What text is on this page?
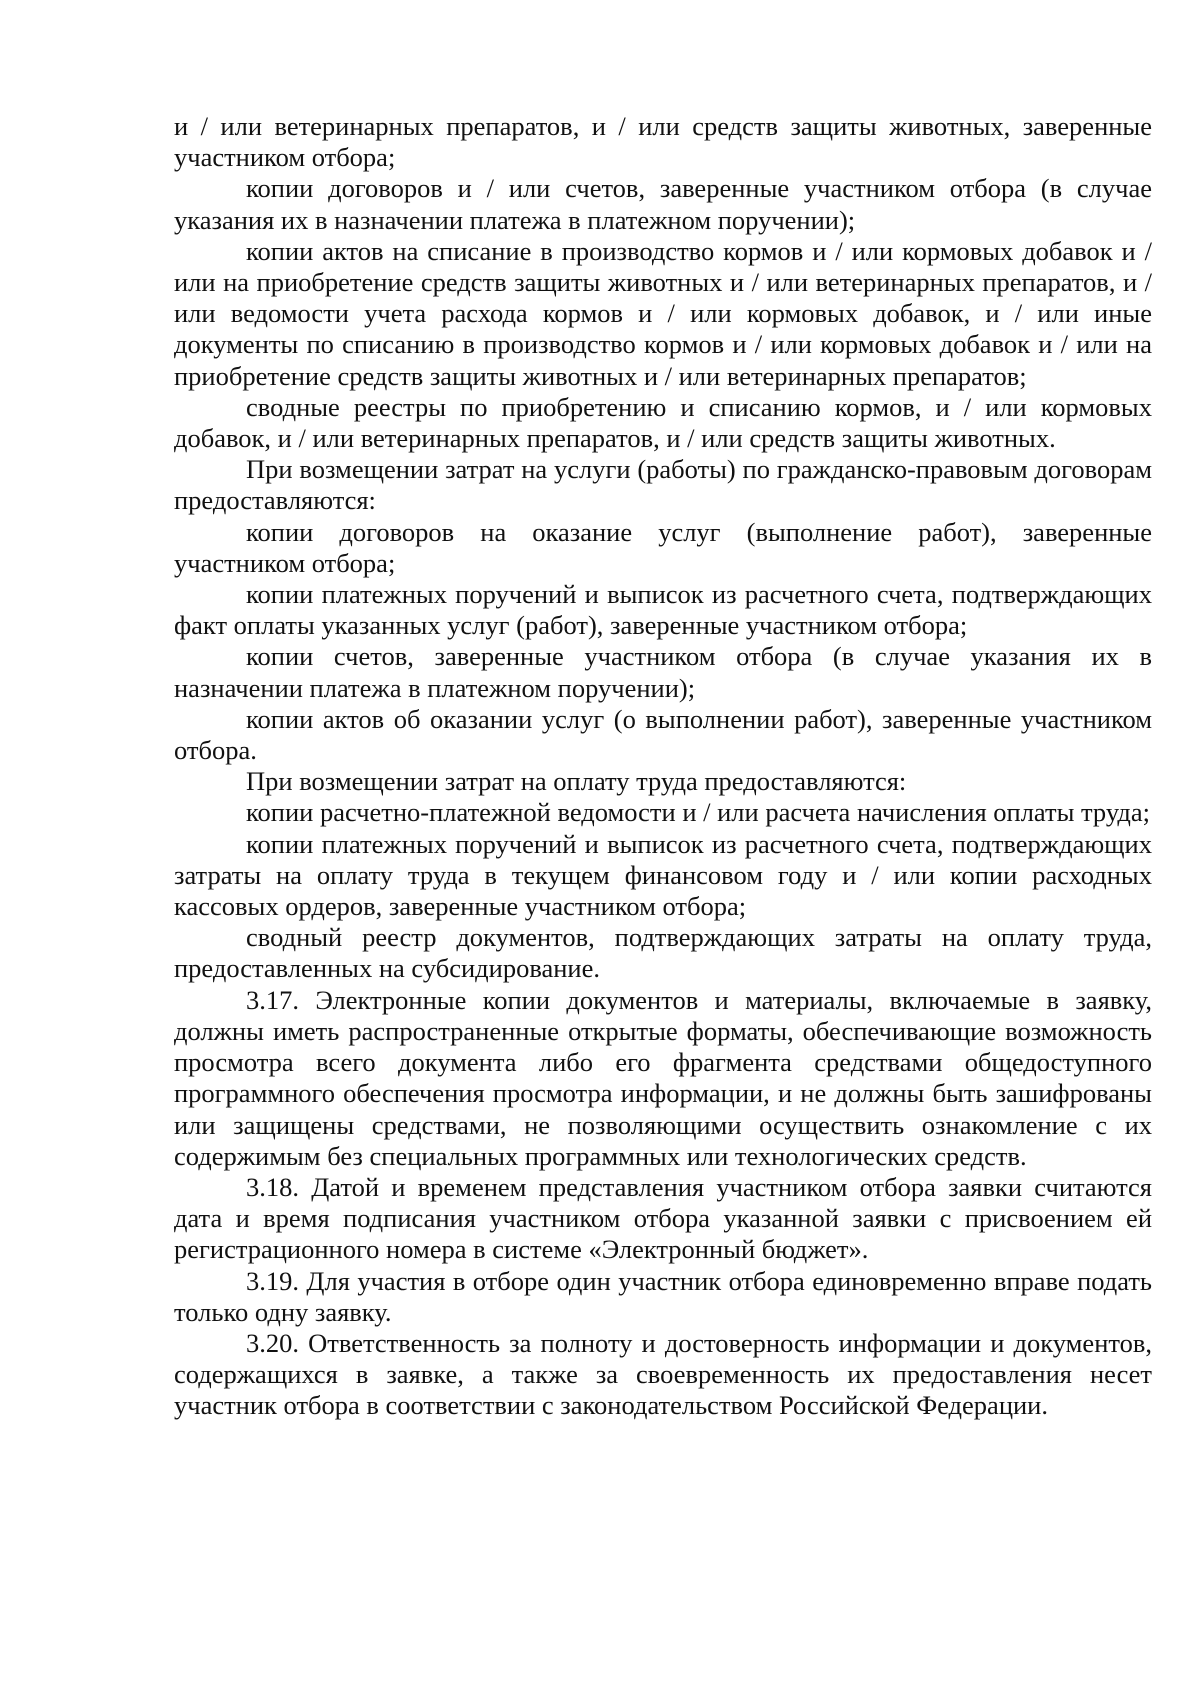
и / или ветеринарных препаратов, и / или средств защиты животных, заверенные участником отбора;

копии договоров и / или счетов, заверенные участником отбора (в случае указания их в назначении платежа в платежном поручении);

копии актов на списание в производство кормов и / или кормовых добавок и / или на приобретение средств защиты животных и / или ветеринарных препаратов, и / или ведомости учета расхода кормов и / или кормовых добавок, и / или иные документы по списанию в производство кормов и / или кормовых добавок и / или на приобретение средств защиты животных и / или ветеринарных препаратов;

сводные реестры по приобретению и списанию кормов, и / или кормовых добавок, и / или ветеринарных препаратов, и / или средств защиты животных.

При возмещении затрат на услуги (работы) по гражданско-правовым договорам предоставляются:

копии договоров на оказание услуг (выполнение работ), заверенные участником отбора;

копии платежных поручений и выписок из расчетного счета, подтверждающих факт оплаты указанных услуг (работ), заверенные участником отбора;

копии счетов, заверенные участником отбора (в случае указания их в назначении платежа в платежном поручении);

копии актов об оказании услуг (о выполнении работ), заверенные участником отбора.

При возмещении затрат на оплату труда предоставляются:

копии расчетно-платежной ведомости и / или расчета начисления оплаты труда;

копии платежных поручений и выписок из расчетного счета, подтверждающих затраты на оплату труда в текущем финансовом году и / или копии расходных кассовых ордеров, заверенные участником отбора;

сводный реестр документов, подтверждающих затраты на оплату труда, предоставленных на субсидирование.

3.17. Электронные копии документов и материалы, включаемые в заявку, должны иметь распространенные открытые форматы, обеспечивающие возможность просмотра всего документа либо его фрагмента средствами общедоступного программного обеспечения просмотра информации, и не должны быть зашифрованы или защищены средствами, не позволяющими осуществить ознакомление с их содержимым без специальных программных или технологических средств.

3.18. Датой и временем представления участником отбора заявки считаются дата и время подписания участником отбора указанной заявки с присвоением ей регистрационного номера в системе «Электронный бюджет».

3.19. Для участия в отборе один участник отбора единовременно вправе подать только одну заявку.

3.20. Ответственность за полноту и достоверность информации и документов, содержащихся в заявке, а также за своевременность их предоставления несет участник отбора в соответствии с законодательством Российской Федерации.
